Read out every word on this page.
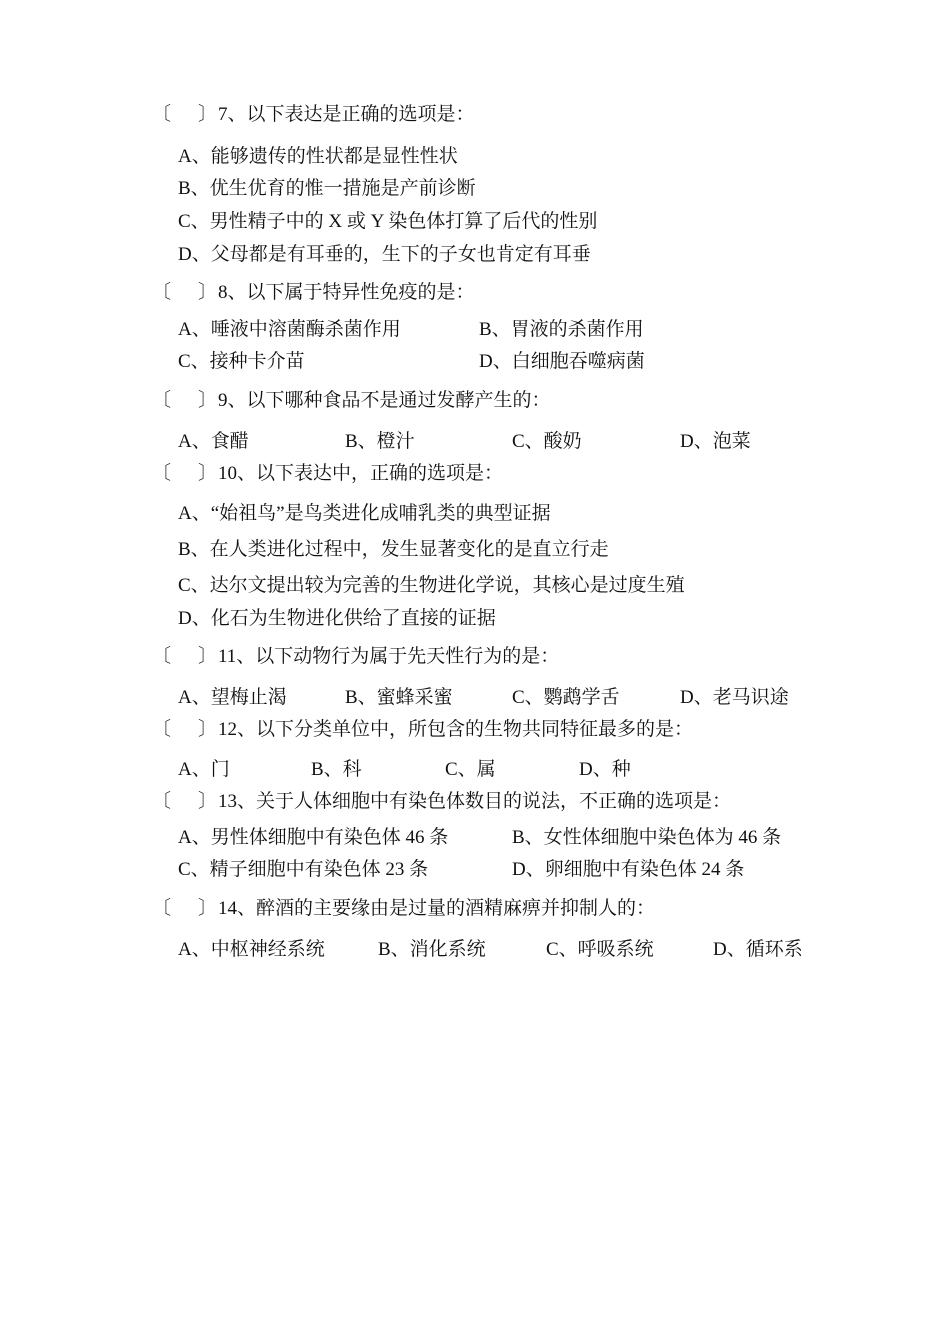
〔 〕 7、以下表达是正确的选项是：
A、能够遗传的性状都是显性性状
B、优生优育的惟一措施是产前诊断
C、男性精子中的 X 或 Y 染色体打算了后代的性别
D、父母都是有耳垂的，生下的子女也肯定有耳垂
〔 〕 8、以下属于特异性免疫的是：
A、唾液中溶菌酶杀菌作用	B、胃液的杀菌作用
C、接种卡介苗	D、白细胞吞噬病菌
〔 〕 9、以下哪种食品不是通过发酵产生的：
A、食醋	B、橙汁	C、酸奶	D、泡菜
〔 〕 10、以下表达中，正确的选项是：
A、“始祖鸟”是鸟类进化成哺乳类的典型证据
B、在人类进化过程中，发生显著变化的是直立行走
C、达尔文提出较为完善的生物进化学说，其核心是过度生殖
D、化石为生物进化供给了直接的证据
〔 〕 11、以下动物行为属于先天性行为的是：
A、望梅止渴	B、蜜蜂采蜜	C、鹦鹉学舌	D、老马识途
〔 〕 12、以下分类单位中，所包含的生物共同特征最多的是：
A、门	B、科	C、属	D、种
〔 〕 13、关于人体细胞中有染色体数目的说法，不正确的选项是：
A、男性体细胞中有染色体 46 条	B、女性体细胞中染色体为 46 条
C、精子细胞中有染色体 23 条	D、卵细胞中有染色体 24 条
〔 〕 14、醉酒的主要缘由是过量的酒精麻痹并抑制人的：
A、中枢神经系统	B、消化系统	C、呼吸系统	D、循环系
